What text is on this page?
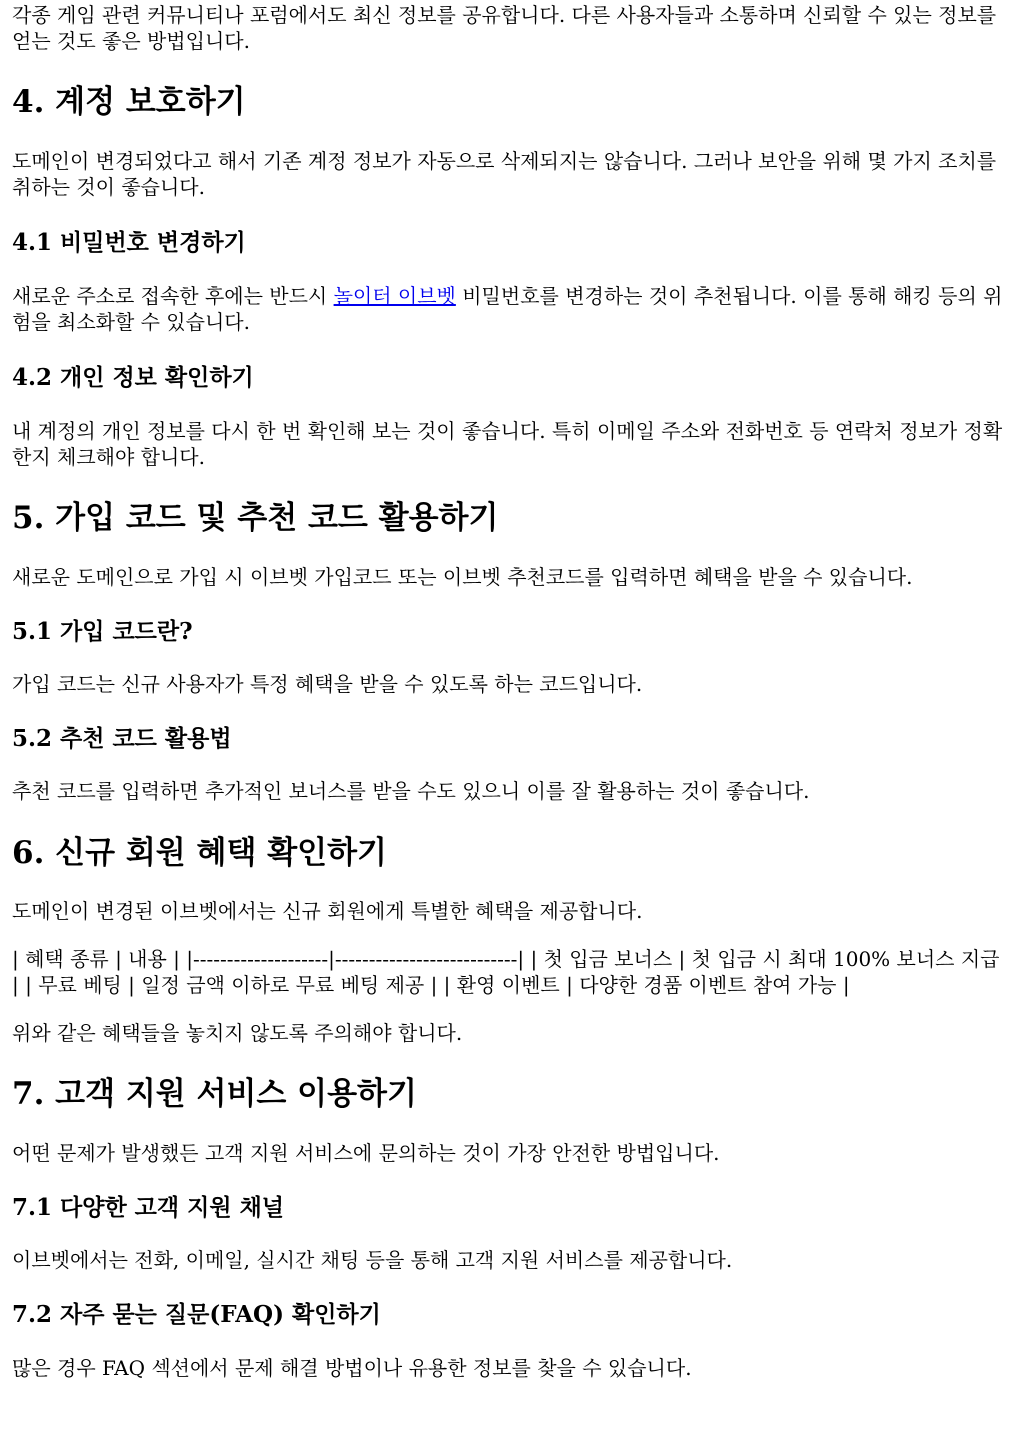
각종 게임 관련 커뮤니티나 포럼에서도 최신 정보를 공유합니다. 다른 사용자들과 소통하며 신뢰할 수 있는 정보를 얻는 것도 좋은 방법입니다.

4. 계정 보호하기

도메인이 변경되었다고 해서 기존 계정 정보가 자동으로 삭제되지는 않습니다. 그러나 보안을 위해 몇 가지 조치를 취하는 것이 좋습니다.

4.1 비밀번호 변경하기

새로운 주소로 접속한 후에는 반드시 놀이터 이브벳 비밀번호를 변경하는 것이 추천됩니다. 이를 통해 해킹 등의 위험을 최소화할 수 있습니다.

4.2 개인 정보 확인하기

내 계정의 개인 정보를 다시 한 번 확인해 보는 것이 좋습니다. 특히 이메일 주소와 전화번호 등 연락처 정보가 정확한지 체크해야 합니다.

5. 가입 코드 및 추천 코드 활용하기

새로운 도메인으로 가입 시 이브벳 가입코드 또는 이브벳 추천코드를 입력하면 혜택을 받을 수 있습니다.

5.1 가입 코드란?

가입 코드는 신규 사용자가 특정 혜택을 받을 수 있도록 하는 코드입니다.

5.2 추천 코드 활용법

추천 코드를 입력하면 추가적인 보너스를 받을 수도 있으니 이를 잘 활용하는 것이 좋습니다.

6. 신규 회원 혜택 확인하기

도메인이 변경된 이브벳에서는 신규 회원에게 특별한 혜택을 제공합니다.

| 혜택 종류 | 내용 | |--------------------|---------------------------| | 첫 입금 보너스 | 첫 입금 시 최대 100% 보너스 지급 | | 무료 베팅 | 일정 금액 이하로 무료 베팅 제공 | | 환영 이벤트 | 다양한 경품 이벤트 참여 가능 |

위와 같은 혜택들을 놓치지 않도록 주의해야 합니다.

7. 고객 지원 서비스 이용하기

어떤 문제가 발생했든 고객 지원 서비스에 문의하는 것이 가장 안전한 방법입니다.

7.1 다양한 고객 지원 채널

이브벳에서는 전화, 이메일, 실시간 채팅 등을 통해 고객 지원 서비스를 제공합니다.

7.2 자주 묻는 질문(FAQ) 확인하기

많은 경우 FAQ 섹션에서 문제 해결 방법이나 유용한 정보를 찾을 수 있습니다.
